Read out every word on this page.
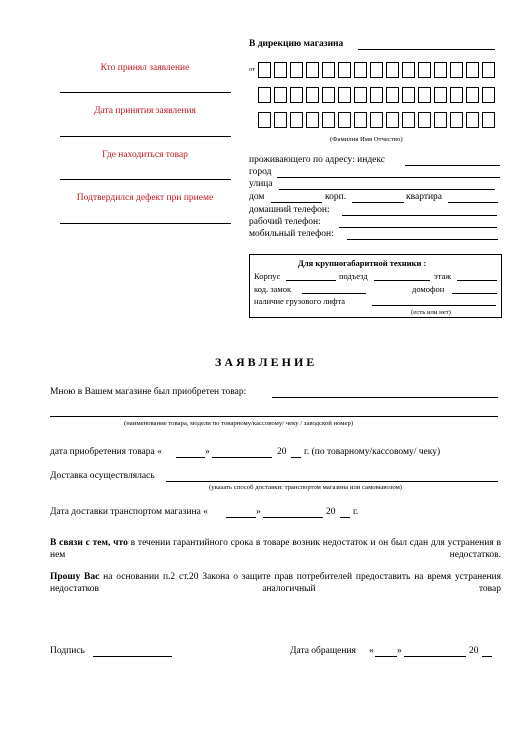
Кто принял заявление
Дата принятия заявления
Где находиться товар
Подтвердился дефект при приеме
В дирекцию магазина
от
(Фамилия Имя Отчество)
проживающего по адресу: индекс
город
улица
дом	корп.	квартира
домашний телефон:
рабочий телефон:
мобильный телефон:
Для крупногабаритной техники :
Корпус	подъезд	этаж
код. замок	домофон
наличие грузового лифта
(есть или нет)
З А Я В Л Е Н И Е
Мною в Вашем магазине был приобретен товар:
(наименование товара, модели по товарному/кассовому/ чеку / заводской номер)
дата приобретения товара «	»	20 г. (по товарному/кассовому/ чеку)
Доставка осуществлялась
(указать способ доставки: транспортом магазина или самовывозом)
Дата доставки транспортом магазина «	»	20 г.
В связи с тем, что в течении гарантийного срока в товаре возник недостаток и он был сдан для устранения в нем недостатков.
Прошу Вас на основании п.2 ст.20 Закона о защите прав потребителей предоставить на время устранения недостатков аналогичный товар
Подпись	Дата обращения « »	20
